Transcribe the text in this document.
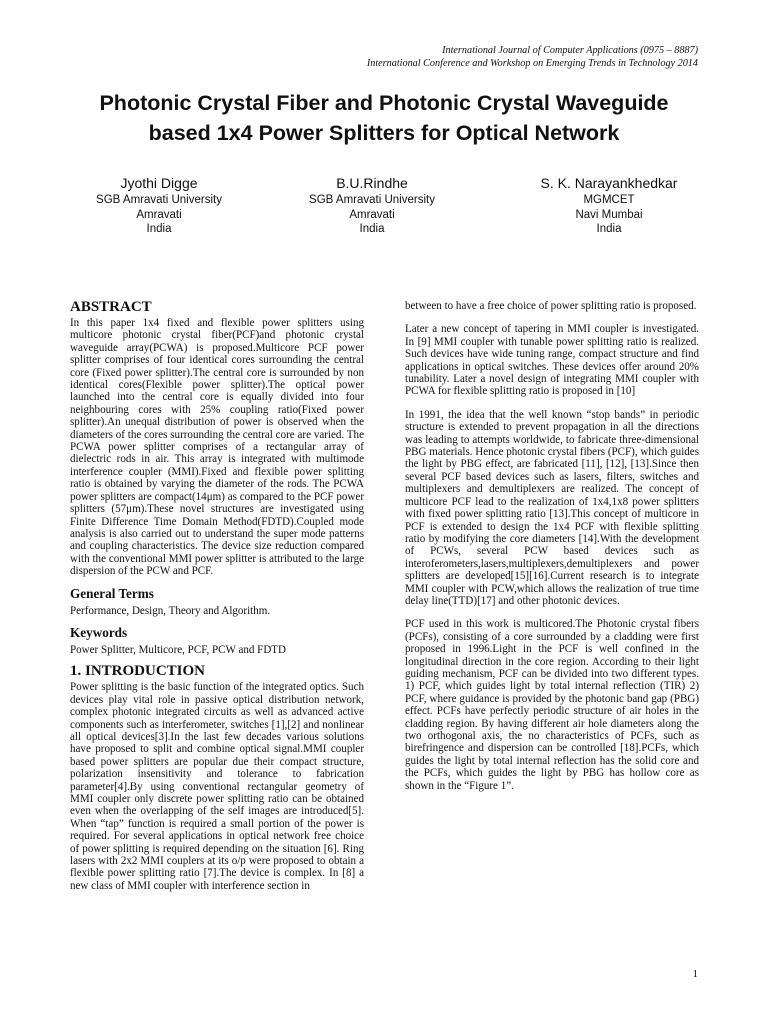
International Journal of Computer Applications (0975 – 8887)
International Conference and Workshop on Emerging Trends in Technology 2014
Photonic Crystal Fiber and Photonic Crystal Waveguide
based 1x4 Power Splitters for Optical Network
Jyothi Digge
SGB Amravati University
Amravati
India
B.U.Rindhe
SGB Amravati University
Amravati
India
S. K. Narayankhedkar
MGMCET
Navi Mumbai
India
ABSTRACT

In this paper 1x4 fixed and flexible power splitters using multicore photonic crystal fiber(PCF)and photonic crystal waveguide array(PCWA) is proposed.Multicore PCF power splitter comprises of four identical cores surrounding the central core (Fixed power splitter).The central core is surrounded by non identical cores(Flexible power splitter).The optical power launched into the central core is equally divided into four neighbouring cores with 25% coupling ratio(Fixed power splitter).An unequal distribution of power is observed when the diameters of the cores surrounding the central core are varied. The PCWA power splitter comprises of a rectangular array of dielectric rods in air. This array is integrated with multimode interference coupler (MMI).Fixed and flexible power splitting ratio is obtained by varying the diameter of the rods. The PCWA power splitters are compact(14μm) as compared to the PCF power splitters (57μm).These novel structures are investigated using Finite Difference Time Domain Method(FDTD).Coupled mode analysis is also carried out to understand the super mode patterns and coupling characteristics. The device size reduction compared with the conventional MMI power splitter is attributed to the large dispersion of the PCW and PCF.

General Terms

Performance, Design, Theory and Algorithm.

Keywords

Power Splitter, Multicore, PCF, PCW and FDTD

1. INTRODUCTION

Power splitting is the basic function of the integrated optics. Such devices play vital role in passive optical distribution network, complex photonic integrated circuits as well as advanced active components such as interferometer, switches [1],[2] and nonlinear all optical devices[3].In the last few decades various solutions have proposed to split and combine optical signal.MMI coupler based power splitters are popular due their compact structure, polarization insensitivity and tolerance to fabrication parameter[4].By using conventional rectangular geometry of MMI coupler only discrete power splitting ratio can be obtained even when the overlapping of the self images are introduced[5]. When “tap” function is required a small portion of the power is required. For several applications in optical network free choice of power splitting is required depending on the situation [6]. Ring lasers with 2x2 MMI couplers at its o/p were proposed to obtain a flexible power splitting ratio [7].The device is complex. In [8] a new class of MMI coupler with interference section in

between to have a free choice of power splitting ratio is proposed.

Later a new concept of tapering in MMI coupler is investigated. In [9] MMI coupler with tunable power splitting ratio is realized. Such devices have wide tuning range, compact structure and find applications in optical switches. These devices offer around 20% tunability. Later a novel design of integrating MMI coupler with PCWA for flexible splitting ratio is proposed in [10]

In 1991, the idea that the well known “stop bands” in periodic structure is extended to prevent propagation in all the directions was leading to attempts worldwide, to fabricate three-dimensional PBG materials. Hence photonic crystal fibers (PCF), which guides the light by PBG effect, are fabricated [11], [12], [13].Since then several PCF based devices such as lasers, filters, switches and multiplexers and demultiplexers are realized. The concept of multicore PCF lead to the realization of 1x4,1x8 power splitters with fixed power splitting ratio [13].This concept of multicore in PCF is extended to design the 1x4 PCF with flexible splitting ratio by modifying the core diameters [14].With the development of PCWs, several PCW based devices such as interoferometers,lasers,multiplexers,demultiplexers and power splitters are developed[15][16].Current research is to integrate MMI coupler with PCW,which allows the realization of true time delay line(TTD)[17] and other photonic devices.

PCF used in this work is multicored.The Photonic crystal fibers (PCFs), consisting of a core surrounded by a cladding were first proposed in 1996.Light in the PCF is well confined in the longitudinal direction in the core region. According to their light guiding mechanism, PCF can be divided into two different types. 1) PCF, which guides light by total internal reflection (TIR) 2) PCF, where guidance is provided by the photonic band gap (PBG) effect. PCFs have perfectly periodic structure of air holes in the cladding region. By having different air hole diameters along the two orthogonal axis, the no characteristics of PCFs, such as birefringence and dispersion can be controlled [18].PCFs, which guides the light by total internal reflection has the solid core and the PCFs, which guides the light by PBG has hollow core as shown in the “Figure 1”.

1
